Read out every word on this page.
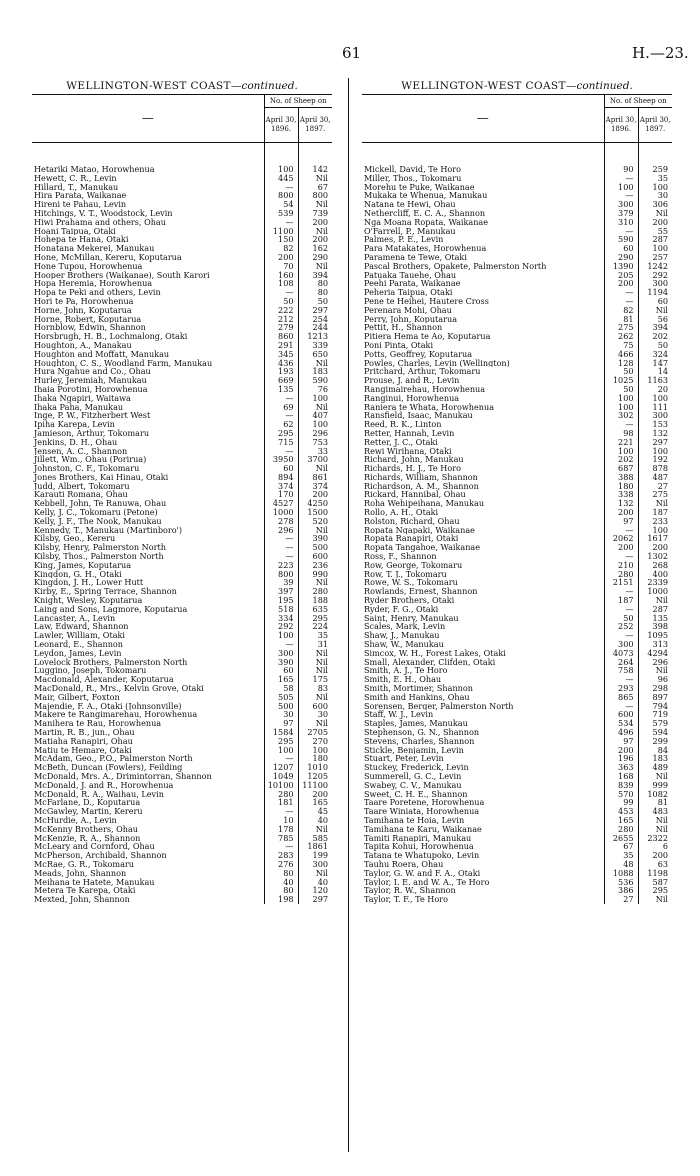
61	H.—23.
WELLINGTON-WEST COAST—continued.
—	No. of Sheep on	
	April 30, 1896.	April 30, 1897.

Hetariki Matao, Horowhenua	100	142
Hewett, C. R., Levin	445	Nil
Hillard, T., Manukau	—	67
Hira Parata, Waikanae	800	800
Hireni te Pahau, Levin	54	Nil
Hitchings, V. T., Woodstock, Levin	539	739
Hiwi Prahama and others, Ohau	—	200
Hoani Taipua, Otaki	1100	Nil
Hohepa te Hana, Otaki	150	200
Honatana Mekerei, Manukau	82	162
Hone, McMillan, Kereru, Koputarua	200	290
Hone Tupou, Horowhenua	70	Nil
Hooper Brothers (Waikanae), South Karori	160	394
Hopa Heremia, Horowhenua	108	80
Hopa te Peki and others, Levin	—	80
Hori te Pa, Horowhenua	50	50
Horne, John, Koputarua	222	297
Horne, Robert, Koputarua	212	254
Hornblow, Edwin, Shannon	279	244
Horsbrugh, H. B., Lochmalong, Otaki	860	1213
Houghton, A., Manakau	291	339
Houghton and Moffatt, Manukau	345	650
Houghton, C. S., Woodland Farm, Manukau	436	Nil
Hura Ngahue and Co., Ohau	193	183
Hurley, Jeremiah, Manukau	669	590
Ihaia Porotini, Horowhenua	135	76
Ihaka Ngapiri, Waitawa	—	100
Ihaka Paha, Manukau	69	Nil
Inge, P. W., Fitzherbert West	—	407
Ipiha Karepa, Levin	62	100
Jamieson, Arthur, Tokomaru	295	296
Jenkins, D. H., Ohau	715	753
Jensen, A. C., Shannon	—	33
Jillett, Wm., Ohau (Porirua)	3950	3700
Johnston, C. F., Tokomaru	60	Nil
Jones Brothers, Kai Hinau, Otaki	894	861
Judd, Albert, Tokomaru	374	374
Karauti Romana, Ohau	170	200
Kebbell, John, Te Ranuwa, Ohau	4527	4250
Kelly, J. C., Tokomaru (Petone)	1000	1500
Kelly, J. F., The Nook, Manukau	278	520
Kennedy, T., Manukau (Martinboro')	296	Nil
Kilsby, Geo., Kereru	—	390
Kilsby, Henry, Palmerston North	—	500
Kilsby, Thos., Palmerston North	—	600
King, James, Koputarua	223	236
Kingdon, G. H., Otaki	800	990
Kingdon, J. H., Lower Hutt	39	Nil
Kirby, E., Spring Terrace, Shannon	397	280
Knight, Wesley, Koputarua	195	188
Laing and Sons, Lagmore, Koputarua	518	635
Lancaster, A., Levin	334	295
Law, Edward, Shannon	292	224
Lawler, William, Otaki	100	35
Leonard, E., Shannon	—	31
Leydon, James, Levin	300	Nil
Lovelock Brothers, Palmerston North	390	Nil
Luggino, Joseph, Tokomaru	60	Nil
Macdonald, Alexander, Koputarua	165	175
MacDonald, R., Mrs., Kelvin Grove, Otaki	58	83
Mair, Gilbert, Foxton	505	Nil
Majendie, F. A., Otaki (Johnsonville)	500	600
Makere te Rangimarehau, Horowhenua	30	30
Manihera te Rau, Horowhenua	97	Nil
Martin, R. B., jun., Ohau	1584	2705
Matiaha Ranapiri, Ohau	295	270
Matiu te Hemare, Otaki	100	100
McAdam, Geo., P.O., Palmerston North	—	180
McBeth, Duncan (Fowlers), Feilding	1207	1010
McDonald, Mrs. A., Drimintorran, Shannon	1049	1205
McDonald, J. and R., Horowhenua	10100	11100
McDonald, R. A., Waihau, Levin	280	200
McFarlane, D., Koputarua	181	165
McGawley, Martin, Kereru	—	45
McHurdie, A., Levin	10	40
McKenny Brothers, Ohau	178	Nil
McKenzie, R. A., Shannon	785	585
McLeary and Cornford, Ohau	—	1861
McPherson, Archibald, Shannon	283	199
McRae, G. R., Tokomaru	276	300
Meads, John, Shannon	80	Nil
Meihana te Hatete, Manukau	40	40
Metera Te Karepa, Otaki	80	120
Mexted, John, Shannon	198	297
WELLINGTON-WEST COAST—continued.
—	No. of Sheep on	
	April 30, 1896.	April 30, 1897.

Mickell, David, Te Horo	90	259
Miller, Thos., Tokomaru	—	35
Morehu te Puke, Waikanae	100	100
Mukaka te Whenua, Manukau	—	30
Natana te Hewi, Ohau	300	306
Nethercliff, E. C. A., Shannon	379	Nil
Nga Moana Ropata, Waikanae	310	200
O'Farrell, P., Manukau	—	55
Palmes, P. E., Levin	590	287
Para Matakates, Horowhenua	60	100
Paramena te Tewe, Otaki	290	257
Pascal Brothers, Opakete, Palmerston North	1390	1242
Patuaka Tauehe, Ohau	205	292
Peehi Parata, Waikanae	200	300
Peheria Taipua, Otaki	—	1194
Pene te Heihei, Hautere Cross	—	60
Perenara Mohi, Ohau	82	Nil
Perry, John, Koputarua	81	56
Pettit, H., Shannon	275	394
Pitiera Hema te Ao, Koputarua	262	202
Poni Pinta, Otaki	75	50
Potts, Geoffrey, Koputarua	466	324
Powles, Charles, Levin (Wellington)	128	147
Pritchard, Arthur, Tokomaru	50	14
Prouse, J. and R., Levin	1025	1163
Rangimairehau, Horowhenua	50	20
Ranginui, Horowhenua	100	100
Raniera te Whata, Horowhenua	100	111
Ransfield, Isaac, Manukau	302	300
Reed, R. K., Linton	—	153
Retter, Hannah, Levin	98	132
Retter, J. C., Otaki	221	297
Rewi Wirihana, Otaki	100	100
Richard, John, Manukau	202	192
Richards, H. J., Te Horo	687	878
Richards, William, Shannon	388	487
Richardson, A. M., Shannon	180	27
Rickard, Hannibal, Ohau	338	275
Roha Wehipeihana, Manukau	132	Nil
Rollo, A. H., Otaki	200	187
Rolston, Richard, Ohau	97	233
Ropata Ngapaki, Waikanae	—	100
Ropata Ranapiri, Otaki	2062	1617
Ropata Tangahoe, Waikanae	200	200
Ross, F., Shannon	—	1302
Row, George, Tokomaru	210	268
Row, T. J., Tokomaru	280	400
Rowe, W. S., Tokomaru	2151	2339
Rowlands, Ernest, Shannon	—	1000
Ryder Brothers, Otaki	187	Nil
Ryder, F. G., Otaki	—	287
Saint, Henry, Manukau	50	135
Scales, Mark, Levin	252	398
Shaw, J., Manukau	—	1095
Shaw, W., Manukau	300	313
Simcox, W. H., Forest Lakes, Otaki	4073	4294
Small, Alexander, Clifden, Otaki	264	296
Smith, A. J., Te Horo	758	Nil
Smith, E. H., Ohau	—	96
Smith, Mortimer, Shannon	293	298
Smith and Hankins, Ohau	865	897
Sorensen, Berger, Palmerston North	—	794
Staff, W. J., Levin	600	719
Staples, James, Manukau	534	579
Stephenson, G. N., Shannon	496	594
Stevens, Charles, Shannon	97	299
Stickle, Benjamin, Levin	200	84
Stuart, Peter, Levin	196	183
Stuckey, Frederick, Levin	363	489
Summerell, G. C., Levin	168	Nil
Swabey, C. V., Manukau	839	999
Sweet, C. H. E., Shannon	570	1082
Taare Poretene, Horowhenua	99	81
Taare Winiata, Horowhenua	453	483
Tamihana te Hoia, Levin	165	Nil
Tamihana te Karu, Waikanae	280	Nil
Tamiti Ranapiri, Manukau	2655	2322
Tapita Kohui, Horowhenua	67	6
Tatana te Whatupoko, Levin	35	200
Tauhu Roera, Ohau	48	63
Taylor, G. W. and F. A., Otaki	1088	1198
Taylor, I. E. and W. A., Te Horo	536	587
Taylor, R. W., Shannon	386	295
Taylor, T. F., Te Horo	27	Nil
